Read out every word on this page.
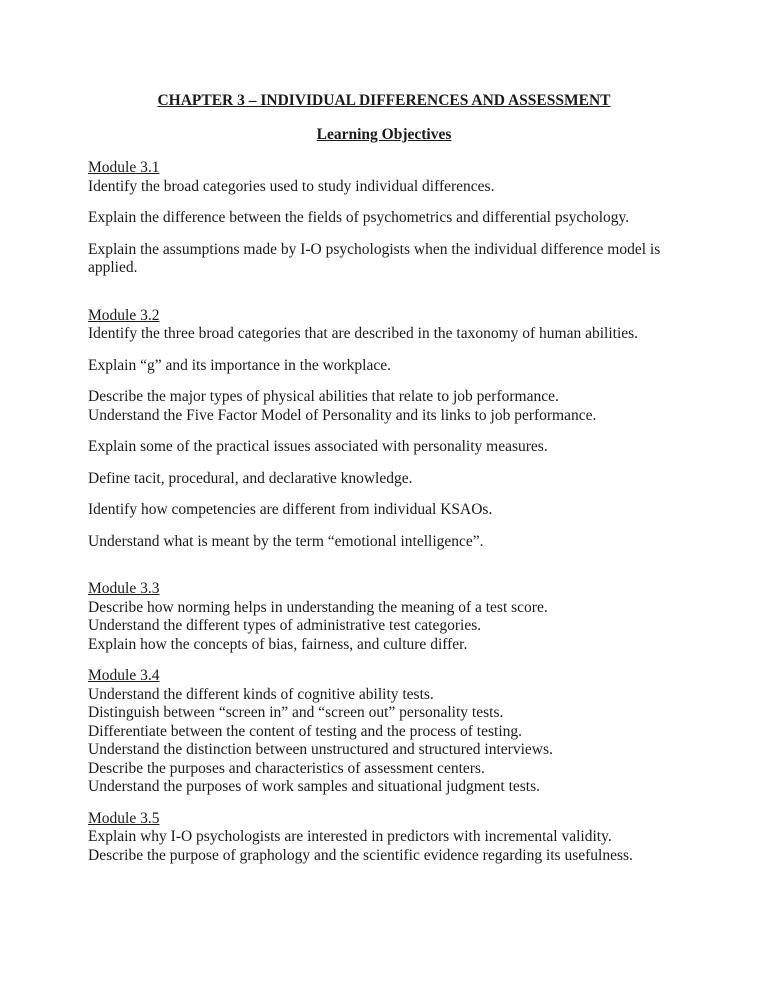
CHAPTER 3 – INDIVIDUAL DIFFERENCES AND ASSESSMENT
Learning Objectives
Module 3.1
Identify the broad categories used to study individual differences.
Explain the difference between the fields of psychometrics and differential psychology.
Explain the assumptions made by I-O psychologists when the individual difference model is
applied.
Module 3.2
Identify the three broad categories that are described in the taxonomy of human abilities.
Explain “g” and its importance in the workplace.
Describe the major types of physical abilities that relate to job performance.
Understand the Five Factor Model of Personality and its links to job performance.
Explain some of the practical issues associated with personality measures.
Define tacit, procedural, and declarative knowledge.
Identify how competencies are different from individual KSAOs.
Understand what is meant by the term “emotional intelligence”.
Module 3.3
Describe how norming helps in understanding the meaning of a test score.
Understand the different types of administrative test categories.
Explain how the concepts of bias, fairness, and culture differ.
Module 3.4
Understand the different kinds of cognitive ability tests.
Distinguish between “screen in” and “screen out” personality tests.
Differentiate between the content of testing and the process of testing.
Understand the distinction between unstructured and structured interviews.
Describe the purposes and characteristics of assessment centers.
Understand the purposes of work samples and situational judgment tests.
Module 3.5
Explain why I-O psychologists are interested in predictors with incremental validity.
Describe the purpose of graphology and the scientific evidence regarding its usefulness.
